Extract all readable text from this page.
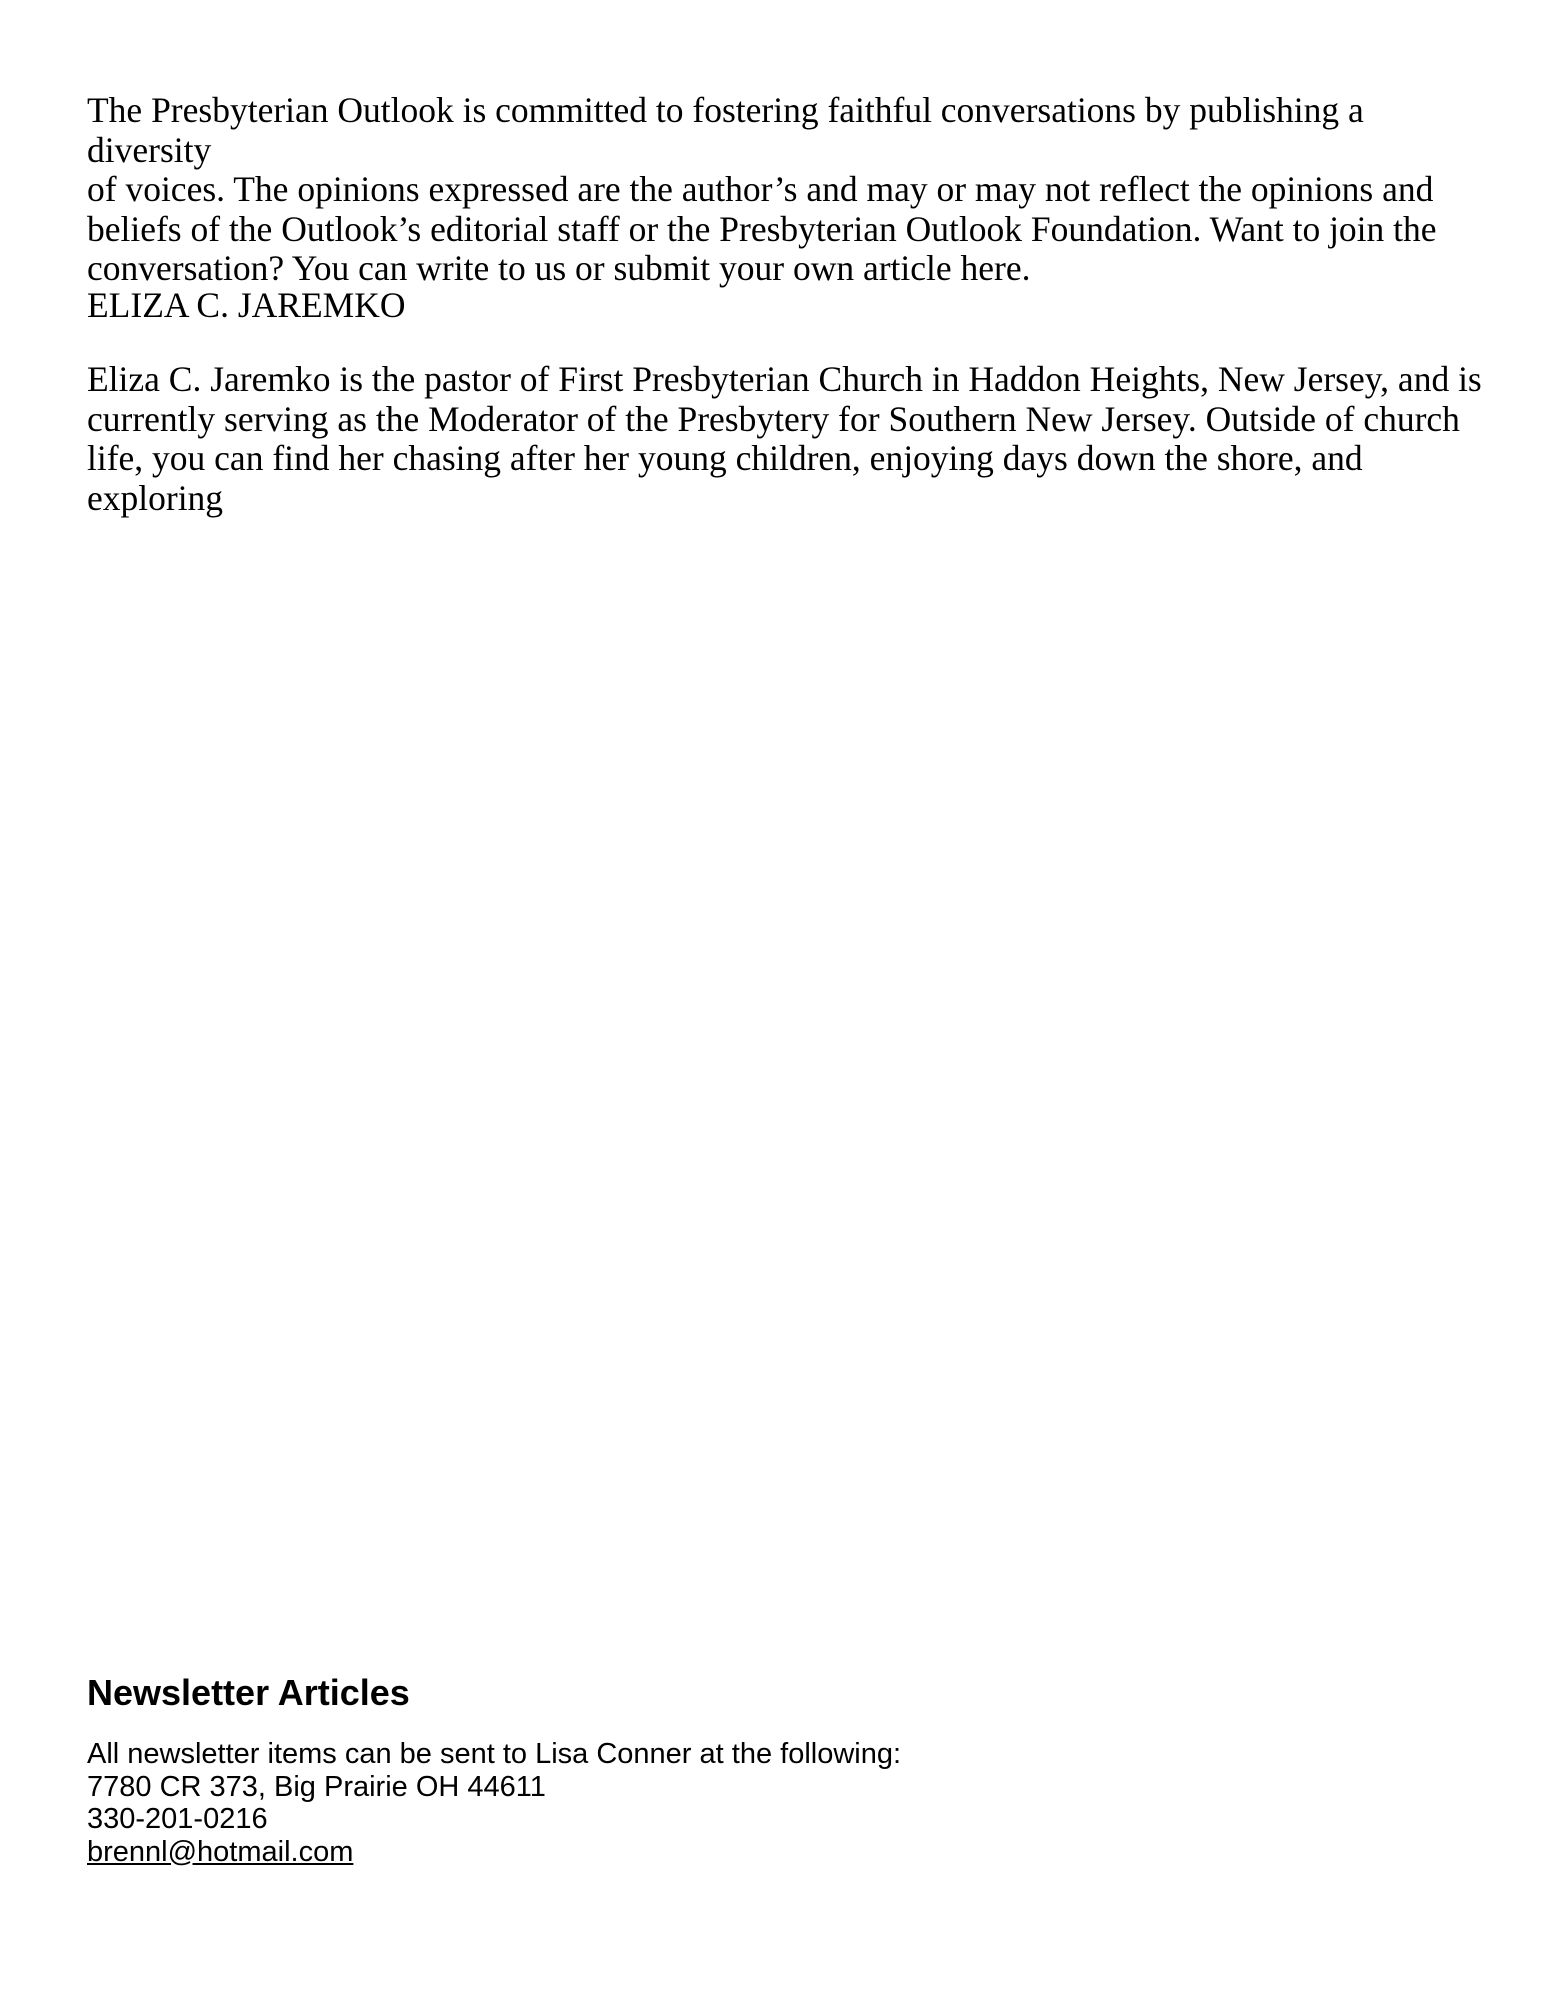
The Presbyterian Outlook is committed to fostering faithful conversations by publishing a diversity
of voices. The opinions expressed are the author’s and may or may not reflect the opinions and
beliefs of the Outlook’s editorial staff or the Presbyterian Outlook Foundation. Want to join the
conversation? You can write to us or submit your own article here.

ELIZA C. JAREMKO

Eliza C. Jaremko is the pastor of First Presbyterian Church in Haddon Heights, New Jersey, and is
currently serving as the Moderator of the Presbytery for Southern New Jersey. Outside of church
life, you can find her chasing after her young children, enjoying days down the shore, and
exploring

Newsletter Articles
All newsletter items can be sent to Lisa Conner at the following:
7780 CR 373, Big Prairie OH 44611
330-201-0216
brennl@hotmail.com
